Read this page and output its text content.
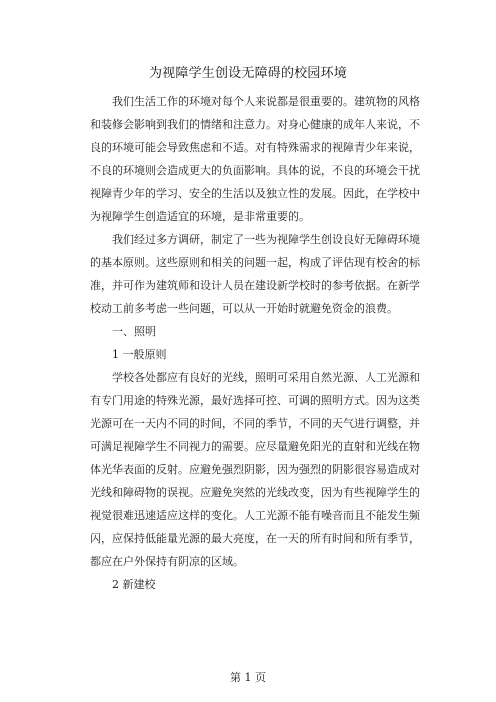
为视障学生创设无障碍的校园环境

我们生活工作的环境对每个人来说都是很重要的。建筑物的风格和装修会影响到我们的情绪和注意力。对身心健康的成年人来说，不良的环境可能会导致焦虑和不适。对有特殊需求的视障青少年来说，不良的环境则会造成更大的负面影响。具体的说，不良的环境会干扰视障青少年的学习、安全的生活以及独立性的发展。因此，在学校中为视障学生创造适宜的环境，是非常重要的。

我们经过多方调研，制定了一些为视障学生创设良好无障碍环境的基本原则。这些原则和相关的问题一起，构成了评估现有校舍的标准，并可作为建筑师和设计人员在建设新学校时的参考依据。在新学校动工前多考虑一些问题，可以从一开始时就避免资金的浪费。

一、照明

1 一般原则

学校各处都应有良好的光线，照明可采用自然光源、人工光源和有专门用途的特殊光源，最好选择可控、可调的照明方式。因为这类光源可在一天内不同的时间，不同的季节，不同的天气进行调整，并可满足视障学生不同视力的需要。应尽量避免阳光的直射和光线在物体光华表面的反射。应避免强烈阴影，因为强烈的阴影很容易造成对光线和障碍物的误视。应避免突然的光线改变，因为有些视障学生的视觉很难迅速适应这样的变化。人工光源不能有噪音而且不能发生频闪，应保持低能量光源的最大亮度，在一天的所有时间和所有季节，都应在户外保持有阴凉的区域。

2 新建校

第 1 页
